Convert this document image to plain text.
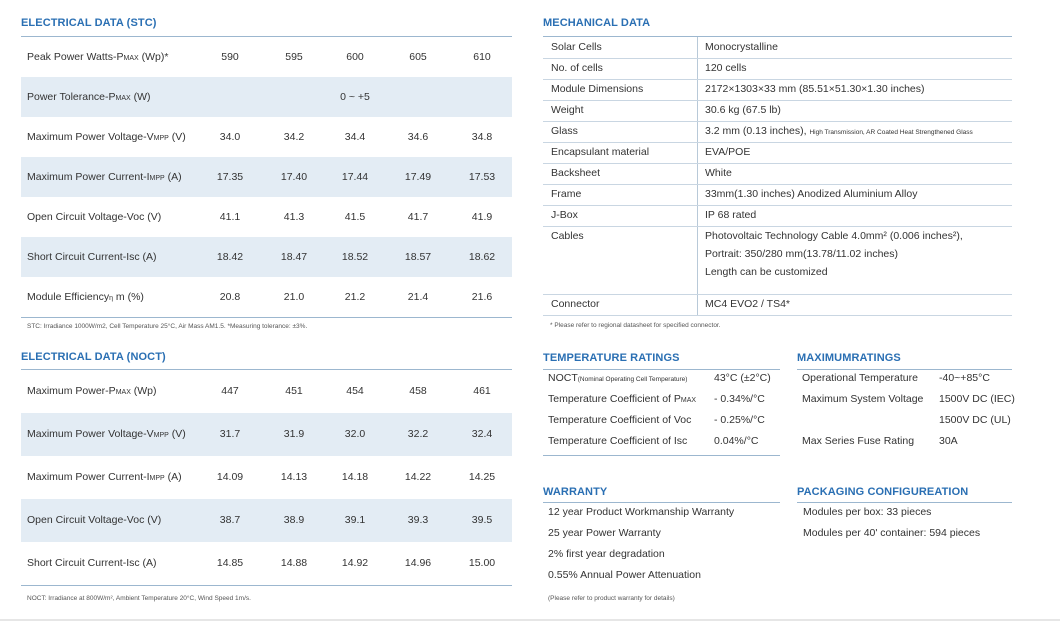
ELECTRICAL DATA (STC)
Peak Power Watts-PMAX (Wp)*	590	595	600	605	610
Power Tolerance-PMAX (W)	0 ~ +5
Maximum Power Voltage-VMPP (V)	34.0	34.2	34.4	34.6	34.8
Maximum Power Current-IMPP (A)	17.35	17.40	17.44	17.49	17.53
Open Circuit Voltage-Voc (V)	41.1	41.3	41.5	41.7	41.9
Short Circuit Current-Isc (A)	18.42	18.47	18.52	18.57	18.62
Module Efficiencyη m (%)	20.8	21.0	21.2	21.4	21.6
STC: Irradiance 1000W/m2, Cell Temperature 25°C, Air Mass AM1.5. *Measuring tolerance: ±3%.
ELECTRICAL DATA (NOCT)
Maximum Power-PMAX (Wp)	447	451	454	458	461
Maximum Power Voltage-VMPP (V)	31.7	31.9	32.0	32.2	32.4
Maximum Power Current-IMPP (A)	14.09	14.13	14.18	14.22	14.25
Open Circuit Voltage-Voc (V)	38.7	38.9	39.1	39.3	39.5
Short Circuit Current-Isc (A)	14.85	14.88	14.92	14.96	15.00
NOCT: Irradiance at 800W/m², Ambient Temperature 20°C, Wind Speed 1m/s.
MECHANICAL DATA
Solar Cells	Monocrystalline
No. of cells	120 cells
Module Dimensions	2172×1303×33 mm (85.51×51.30×1.30 inches)
Weight	30.6 kg (67.5 lb)
Glass	3.2 mm (0.13 inches), High Transmission, AR Coated Heat Strengthened Glass
Encapsulant material	EVA/POE
Backsheet	White
Frame	33mm(1.30 inches) Anodized Aluminium Alloy
J-Box	IP 68 rated
Cables	Photovoltaic Technology Cable 4.0mm² (0.006 inches²),
Portrait: 350/280 mm(13.78/11.02 inches)
Length can be customized
Connector	MC4 EVO2 / TS4*
* Please refer to regional datasheet for specified connector.
TEMPERATURE RATINGS
NOCT(Nominal Operating Cell Temperature)	43°C (±2°C)
Temperature Coefficient of PMAX - 0.34%/°C
Temperature Coefficient of Voc - 0.25%/°C
Temperature Coefficient of Isc	0.04%/°C
MAXIMUMRATINGS
Operational Temperature -40~+85°C
Maximum System Voltage 1500V DC (IEC)
1500V DC (UL)
Max Series Fuse Rating 30A
WARRANTY
12 year Product Workmanship Warranty
25 year Power Warranty
2% first year degradation
0.55% Annual Power Attenuation
(Please refer to product warranty for details)
PACKAGING CONFIGUREATION
Modules per box: 33 pieces
Modules per 40' container: 594 pieces
